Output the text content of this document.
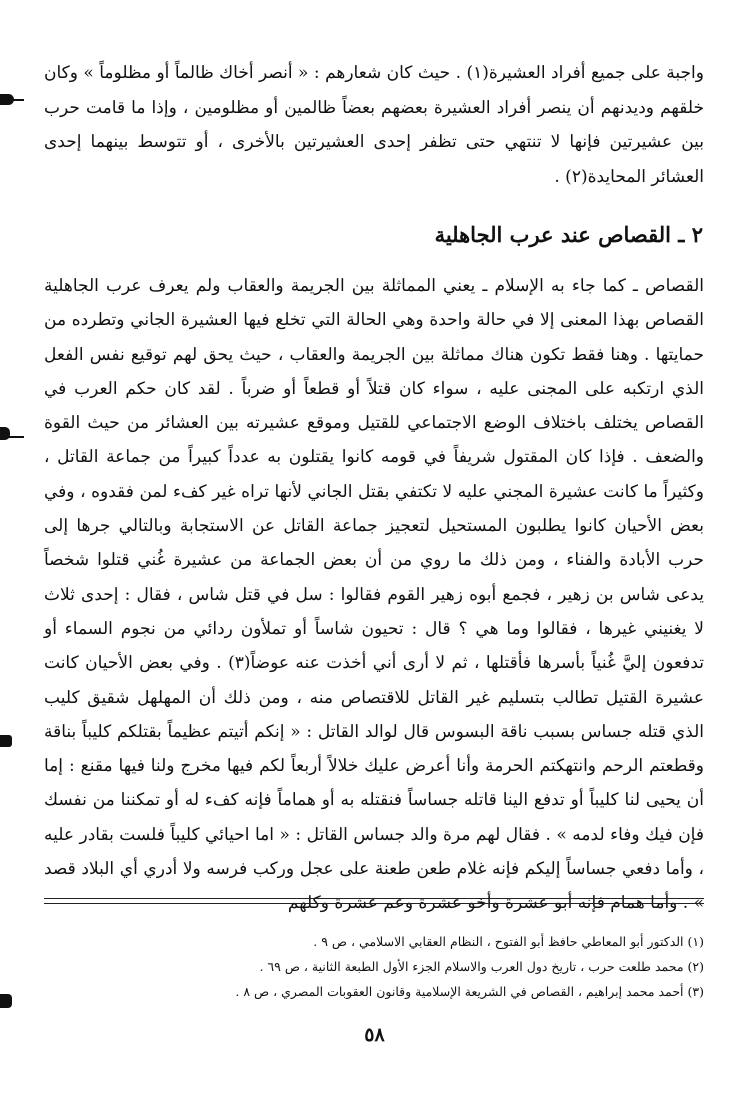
واجبة على جميع أفراد العشيرة(١) . حيث كان شعارهم : « أنصر أخاك ظالماً أو مظلوماً » وكان خلقهم وديدنهم أن ينصر أفراد العشيرة بعضهم بعضاً ظالمين أو مظلومين ، وإذا ما قامت حرب بين عشيرتين فإنها لا تنتهي حتى تظفر إحدى العشيرتين بالأخرى ، أو تتوسط بينهما إحدى العشائر المحايدة(٢) .
٢ ـ القصاص عند عرب الجاهلية
القصاص ـ كما جاء به الإسلام ـ يعني المماثلة بين الجريمة والعقاب ولم يعرف عرب الجاهلية القصاص بهذا المعنى إلا في حالة واحدة وهي الحالة التي تخلع فيها العشيرة الجاني وتطرده من حمايتها . وهنا فقط تكون هناك مماثلة بين الجريمة والعقاب ، حيث يحق لهم توقيع نفس الفعل الذي ارتكبه على المجنى عليه ، سواء كان قتلاً أو قطعاً أو ضرباً . لقد كان حكم العرب في القصاص يختلف باختلاف الوضع الاجتماعي للقتيل وموقع عشيرته بين العشائر من حيث القوة والضعف . فإذا كان المقتول شريفاً في قومه كانوا يقتلون به عدداً كبيراً من جماعة القاتل ، وكثيراً ما كانت عشيرة المجني عليه لا تكتفي بقتل الجاني لأنها تراه غير كفء لمن فقدوه ، وفي بعض الأحيان كانوا يطلبون المستحيل لتعجيز جماعة القاتل عن الاستجابة وبالتالي جرها إلى حرب الأبادة والفناء ، ومن ذلك ما روي من أن بعض الجماعة من عشيرة غُني قتلوا شخصاً يدعى شاس بن زهير ، فجمع أبوه زهير القوم فقالوا : سل في قتل شاس ، فقال : إحدى ثلاث لا يغنيني غيرها ، فقالوا وما هي ؟ قال : تحيون شاساً أو تملأون ردائي من نجوم السماء أو تدفعون إليَّ غُنياً بأسرها فأقتلها ، ثم لا أرى أني أخذت عنه عوضاً(٣) . وفي بعض الأحيان كانت عشيرة القتيل تطالب بتسليم غير القاتل للاقتصاص منه ، ومن ذلك أن المهلهل شقيق كليب الذي قتله جساس بسبب ناقة البسوس قال لوالد القاتل : « إنكم أتيتم عظيماً بقتلكم كليباً بناقة وقطعتم الرحم وانتهكتم الحرمة وأنا أعرض عليك خلالاً أربعاً لكم فيها مخرج ولنا فيها مقنع : إما أن يحيى لنا كليباً أو تدفع الينا قاتله جساساً فنقتله به أو هماماً فإنه كفء له أو تمكننا من نفسك فإن فيك وفاء لدمه » . فقال لهم مرة والد جساس القاتل : « اما احيائي كليباً فلست بقادر عليه ، وأما دفعي جساساً إليكم فإنه غلام طعن طعنة على عجل وركب فرسه ولا أدري أي البلاد قصد » . وأما همام فإنه أبو عشرة وأخو عشرة وعم عشرة وكلهم
(١) الدكتور أبو المعاطي حافظ أبو الفتوح ، النظام العقابي الاسلامي ، ص ٩ .
(٢) محمد طلعت حرب ، تاريخ دول العرب والاسلام الجزء الأول الطبعة الثانية ، ص ٦٩ .
(٣) أحمد محمد إبراهيم ، القصاص في الشريعة الإسلامية وقانون العقوبات المصري ، ص ٨ .
٥٨
